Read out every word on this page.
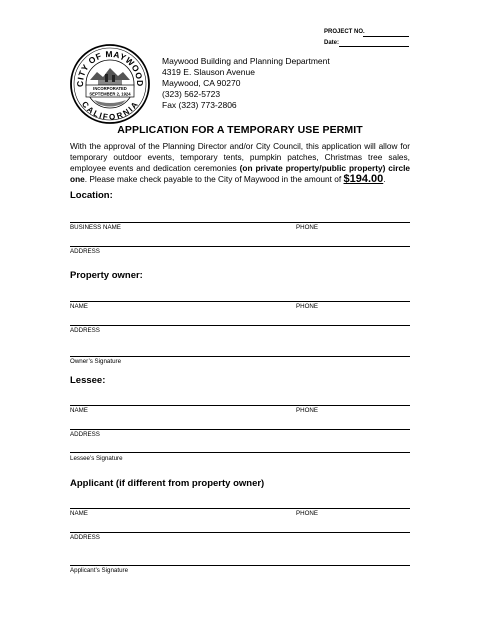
PROJECT NO.
Date:
CITY OF MAYWOOD
CALIFORNIA
INCORPORATED
SEPTEMBER 2, 1924
Maywood Building and Planning Department
4319 E. Slauson Avenue
Maywood, CA 90270
(323) 562-5723
Fax (323) 773-2806
APPLICATION FOR A TEMPORARY USE PERMIT
With the approval of the Planning Director and/or City Council, this application will allow for temporary outdoor events, temporary tents, pumpkin patches, Christmas tree sales, employee events and dedication ceremonies (on private property/public property) circle one. Please make check payable to the City of Maywood in the amount of $194.00.
Location:
BUSINESS NAME	PHONE
ADDRESS
Property owner:
NAME	PHONE
ADDRESS
Owner’s Signature
Lessee:
NAME	PHONE
ADDRESS
Lessee’s Signature
Applicant (if different from property owner)
NAME	PHONE
ADDRESS
Applicant’s Signature
